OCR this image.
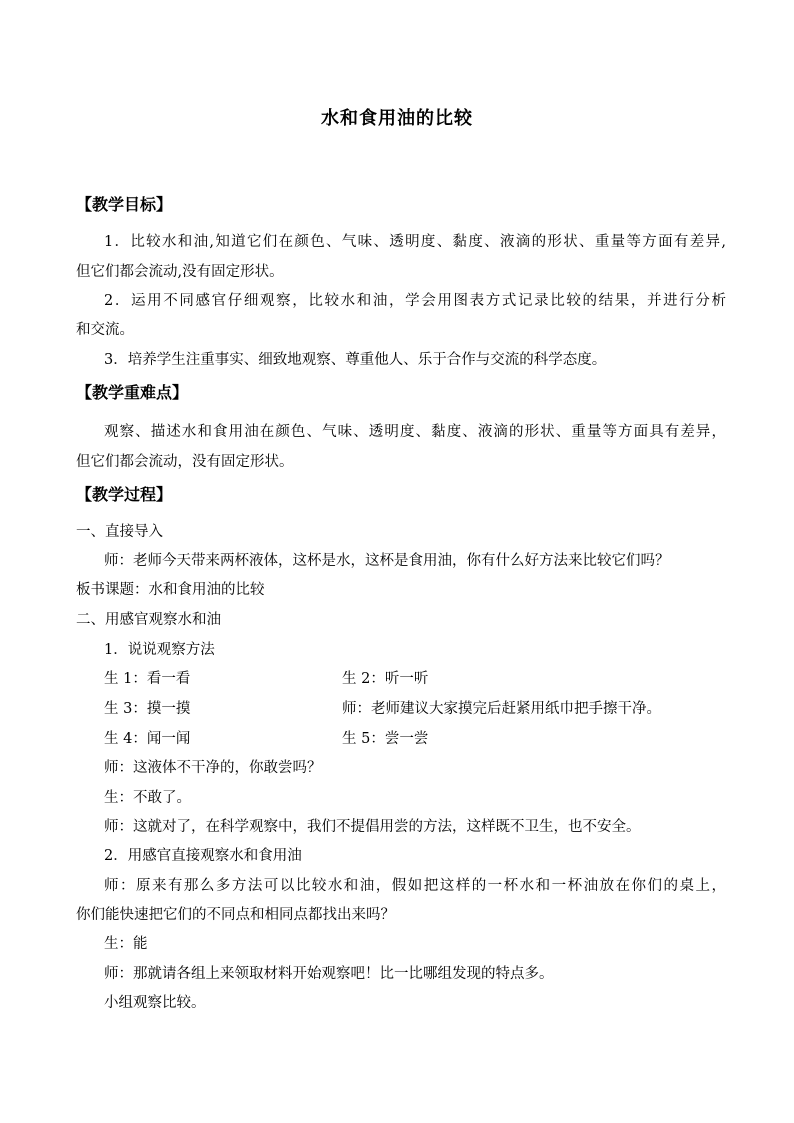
水和食用油的比较
【教学目标】
1．比较水和油,知道它们在颜色、气味、透明度、黏度、液滴的形状、重量等方面有差异,
但它们都会流动,没有固定形状。
2．运用不同感官仔细观察，比较水和油，学会用图表方式记录比较的结果，并进行分析
和交流。
3．培养学生注重事实、细致地观察、尊重他人、乐于合作与交流的科学态度。
【教学重难点】
观察、描述水和食用油在颜色、气味、透明度、黏度、液滴的形状、重量等方面具有差异，
但它们都会流动，没有固定形状。
【教学过程】
一、直接导入
师：老师今天带来两杯液体，这杯是水，这杯是食用油，你有什么好方法来比较它们吗？
板书课题：水和食用油的比较
二、用感官观察水和油
1．说说观察方法
生 1：看一看	生 2：听一听
生 3：摸一摸	师：老师建议大家摸完后赶紧用纸巾把手擦干净。
生 4：闻一闻	生 5：尝一尝
师：这液体不干净的，你敢尝吗？
生：不敢了。
师：这就对了，在科学观察中，我们不提倡用尝的方法，这样既不卫生，也不安全。
2．用感官直接观察水和食用油
师：原来有那么多方法可以比较水和油，假如把这样的一杯水和一杯油放在你们的桌上，
你们能快速把它们的不同点和相同点都找出来吗？
生：能
师：那就请各组上来领取材料开始观察吧！比一比哪组发现的特点多。
小组观察比较。
